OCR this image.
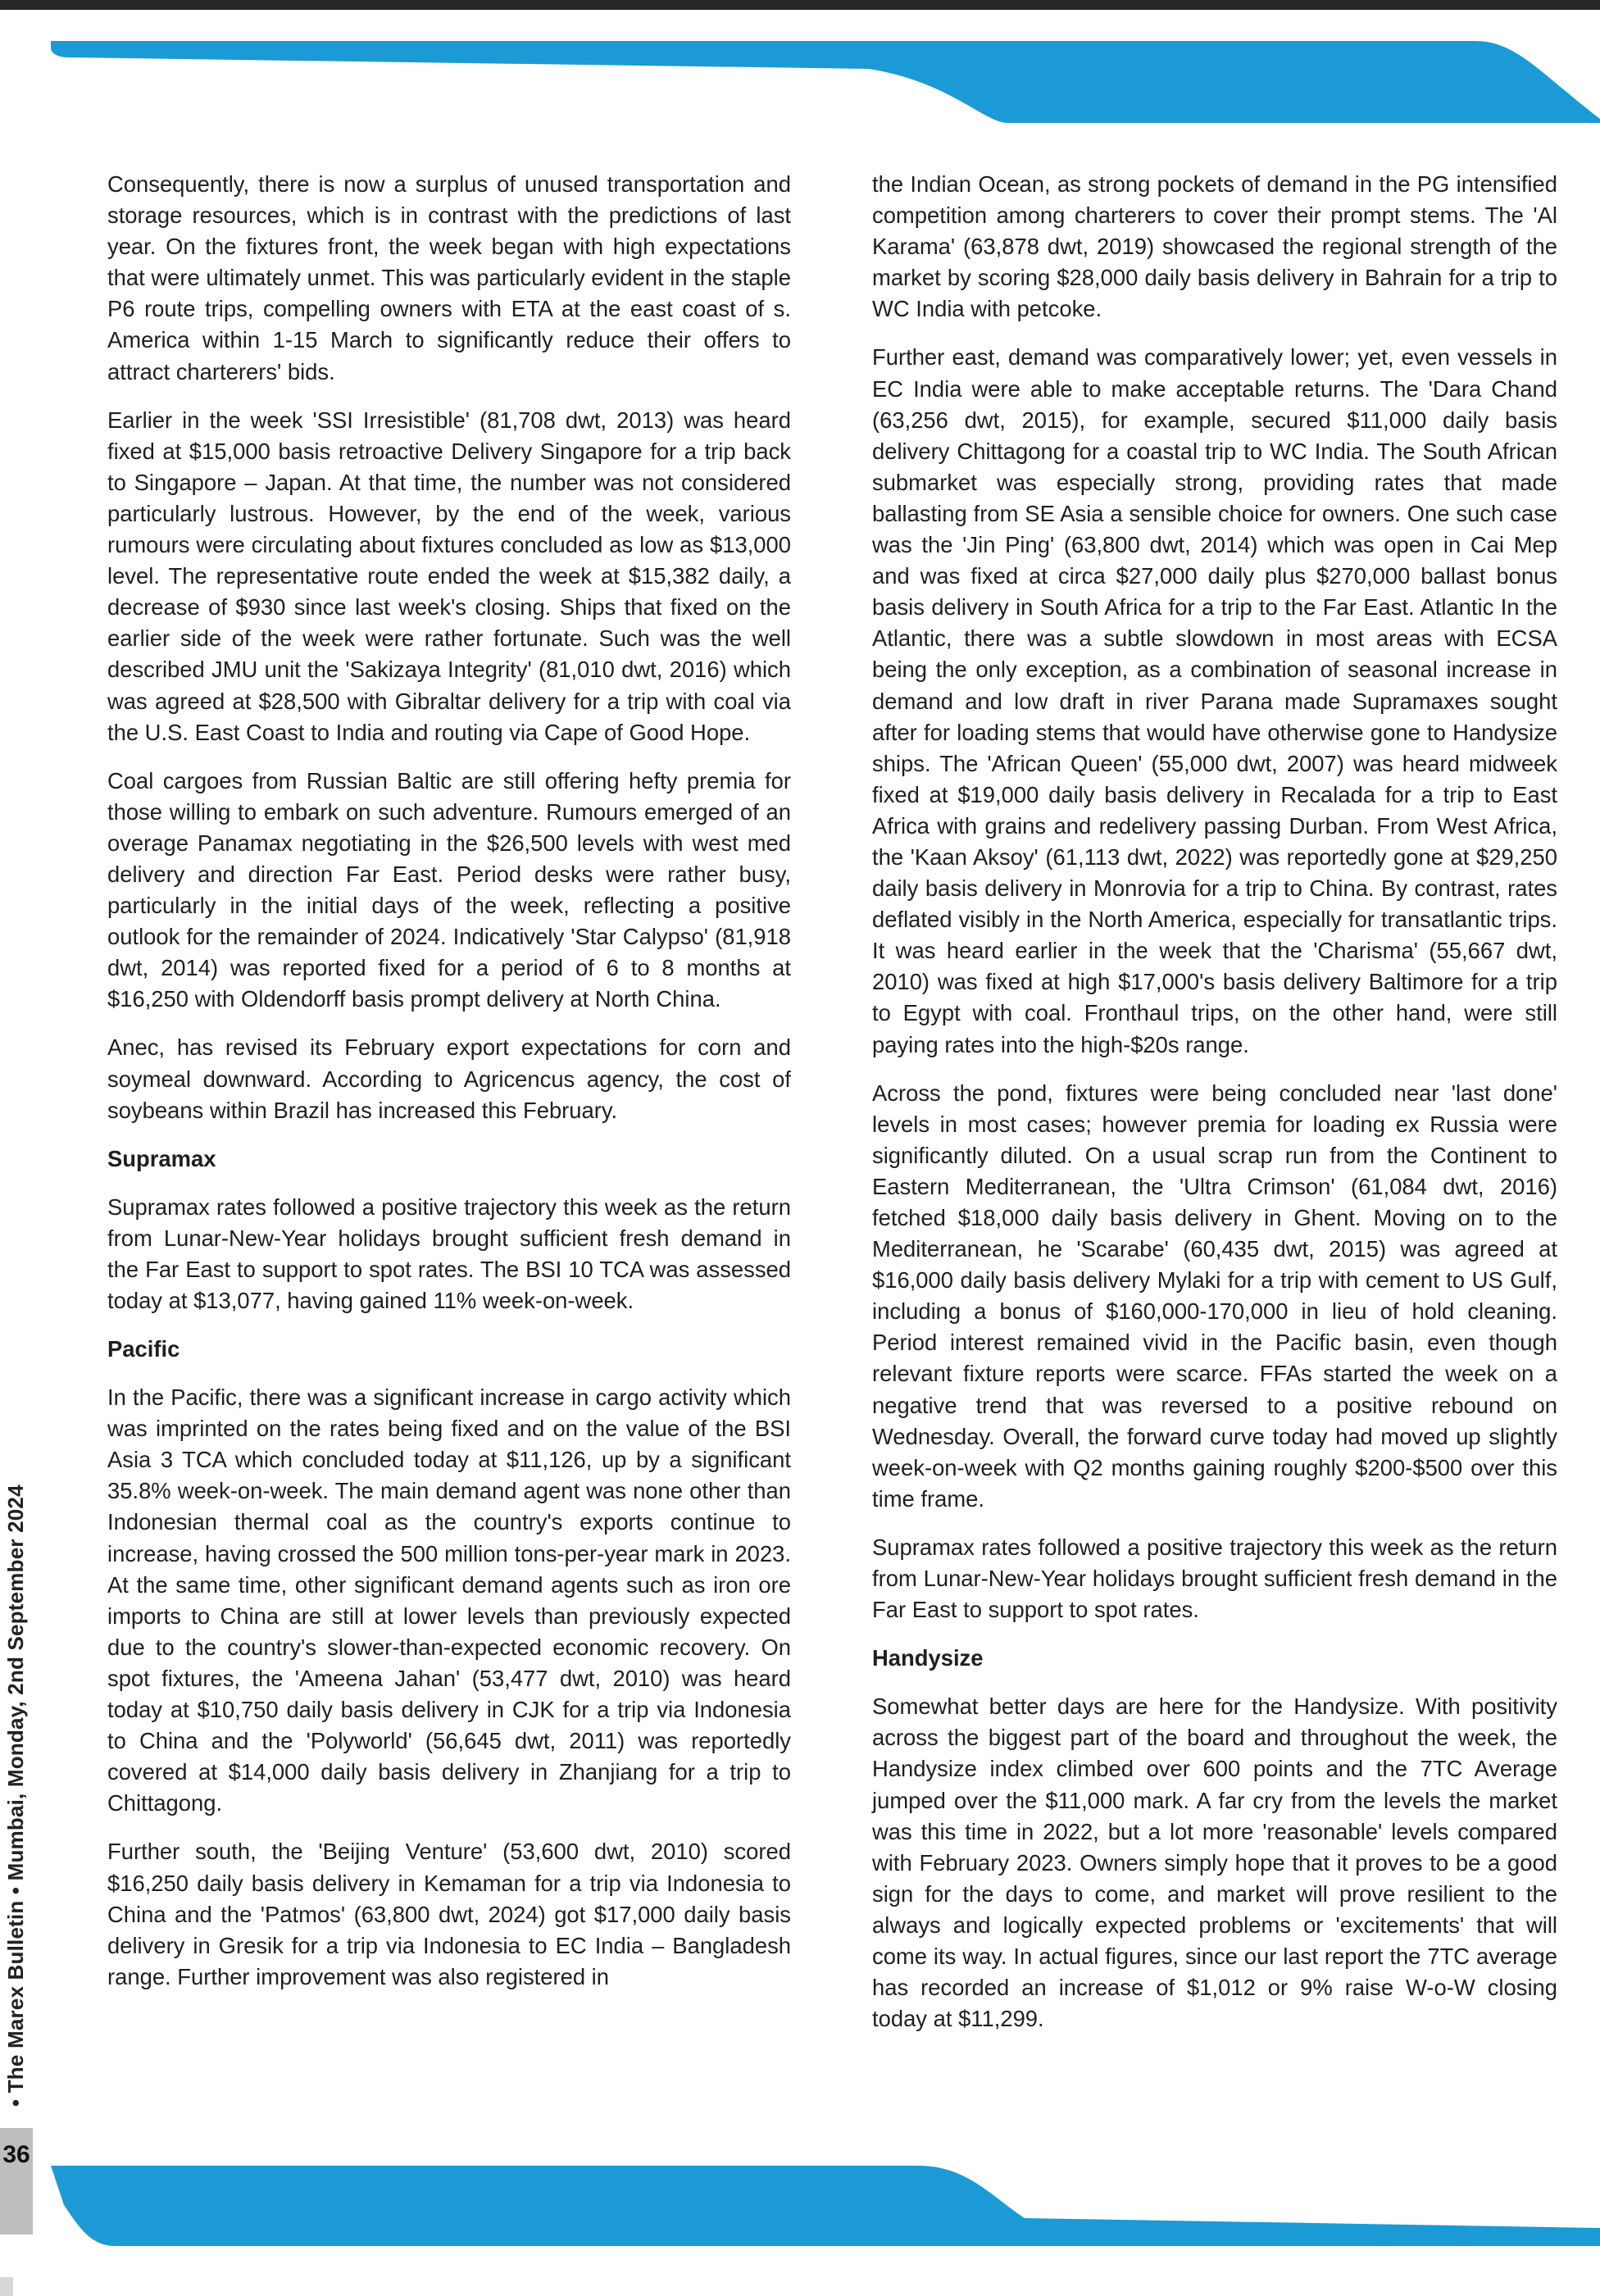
Consequently, there is now a surplus of unused transportation and storage resources, which is in contrast with the predictions of last year. On the fixtures front, the week began with high expectations that were ultimately unmet. This was particularly evident in the staple P6 route trips, compelling owners with ETA at the east coast of s. America within 1-15 March to significantly reduce their offers to attract charterers' bids.

Earlier in the week 'SSI Irresistible' (81,708 dwt, 2013) was heard fixed at $15,000 basis retroactive Delivery Singapore for a trip back to Singapore – Japan. At that time, the number was not considered particularly lustrous. However, by the end of the week, various rumours were circulating about fixtures concluded as low as $13,000 level. The representative route ended the week at $15,382 daily, a decrease of $930 since last week's closing. Ships that fixed on the earlier side of the week were rather fortunate. Such was the well described JMU unit the 'Sakizaya Integrity' (81,010 dwt, 2016) which was agreed at $28,500 with Gibraltar delivery for a trip with coal via the U.S. East Coast to India and routing via Cape of Good Hope.

Coal cargoes from Russian Baltic are still offering hefty premia for those willing to embark on such adventure. Rumours emerged of an overage Panamax negotiating in the $26,500 levels with west med delivery and direction Far East. Period desks were rather busy, particularly in the initial days of the week, reflecting a positive outlook for the remainder of 2024. Indicatively 'Star Calypso' (81,918 dwt, 2014) was reported fixed for a period of 6 to 8 months at $16,250 with Oldendorff basis prompt delivery at North China.

Anec, has revised its February export expectations for corn and soymeal downward. According to Agricencus agency, the cost of soybeans within Brazil has increased this February.

Supramax

Supramax rates followed a positive trajectory this week as the return from Lunar-New-Year holidays brought sufficient fresh demand in the Far East to support to spot rates. The BSI 10 TCA was assessed today at $13,077, having gained 11% week-on-week.

Pacific

In the Pacific, there was a significant increase in cargo activity which was imprinted on the rates being fixed and on the value of the BSI Asia 3 TCA which concluded today at $11,126, up by a significant 35.8% week-on-week. The main demand agent was none other than Indonesian thermal coal as the country's exports continue to increase, having crossed the 500 million tons-per-year mark in 2023. At the same time, other significant demand agents such as iron ore imports to China are still at lower levels than previously expected due to the country's slower-than-expected economic recovery. On spot fixtures, the 'Ameena Jahan' (53,477 dwt, 2010) was heard today at $10,750 daily basis delivery in CJK for a trip via Indonesia to China and the 'Polyworld' (56,645 dwt, 2011) was reportedly covered at $14,000 daily basis delivery in Zhanjiang for a trip to Chittagong.

Further south, the 'Beijing Venture' (53,600 dwt, 2010) scored $16,250 daily basis delivery in Kemaman for a trip via Indonesia to China and the 'Patmos' (63,800 dwt, 2024) got $17,000 daily basis delivery in Gresik for a trip via Indonesia to EC India – Bangladesh range. Further improvement was also registered in

the Indian Ocean, as strong pockets of demand in the PG intensified competition among charterers to cover their prompt stems. The 'Al Karama' (63,878 dwt, 2019) showcased the regional strength of the market by scoring $28,000 daily basis delivery in Bahrain for a trip to WC India with petcoke.

Further east, demand was comparatively lower; yet, even vessels in EC India were able to make acceptable returns. The 'Dara Chand (63,256 dwt, 2015), for example, secured $11,000 daily basis delivery Chittagong for a coastal trip to WC India. The South African submarket was especially strong, providing rates that made ballasting from SE Asia a sensible choice for owners. One such case was the 'Jin Ping' (63,800 dwt, 2014) which was open in Cai Mep and was fixed at circa $27,000 daily plus $270,000 ballast bonus basis delivery in South Africa for a trip to the Far East. Atlantic In the Atlantic, there was a subtle slowdown in most areas with ECSA being the only exception, as a combination of seasonal increase in demand and low draft in river Parana made Supramaxes sought after for loading stems that would have otherwise gone to Handysize ships. The 'African Queen' (55,000 dwt, 2007) was heard midweek fixed at $19,000 daily basis delivery in Recalada for a trip to East Africa with grains and redelivery passing Durban. From West Africa, the 'Kaan Aksoy' (61,113 dwt, 2022) was reportedly gone at $29,250 daily basis delivery in Monrovia for a trip to China. By contrast, rates deflated visibly in the North America, especially for transatlantic trips. It was heard earlier in the week that the 'Charisma' (55,667 dwt, 2010) was fixed at high $17,000's basis delivery Baltimore for a trip to Egypt with coal. Fronthaul trips, on the other hand, were still paying rates into the high-$20s range.

Across the pond, fixtures were being concluded near 'last done' levels in most cases; however premia for loading ex Russia were significantly diluted. On a usual scrap run from the Continent to Eastern Mediterranean, the 'Ultra Crimson' (61,084 dwt, 2016) fetched $18,000 daily basis delivery in Ghent. Moving on to the Mediterranean, he 'Scarabe' (60,435 dwt, 2015) was agreed at $16,000 daily basis delivery Mylaki for a trip with cement to US Gulf, including a bonus of $160,000-170,000 in lieu of hold cleaning. Period interest remained vivid in the Pacific basin, even though relevant fixture reports were scarce. FFAs started the week on a negative trend that was reversed to a positive rebound on Wednesday. Overall, the forward curve today had moved up slightly week-on-week with Q2 months gaining roughly $200-$500 over this time frame.

Supramax rates followed a positive trajectory this week as the return from Lunar-New-Year holidays brought sufficient fresh demand in the Far East to support to spot rates.

Handysize

Somewhat better days are here for the Handysize. With positivity across the biggest part of the board and throughout the week, the Handysize index climbed over 600 points and the 7TC Average jumped over the $11,000 mark. A far cry from the levels the market was this time in 2022, but a lot more 'reasonable' levels compared with February 2023. Owners simply hope that it proves to be a good sign for the days to come, and market will prove resilient to the always and logically expected problems or 'excitements' that will come its way. In actual figures, since our last report the 7TC average has recorded an increase of $1,012 or 9% raise W-o-W closing today at $11,299.

• The Marex Bulletin • Mumbai, Monday, 2nd September 2024
36
